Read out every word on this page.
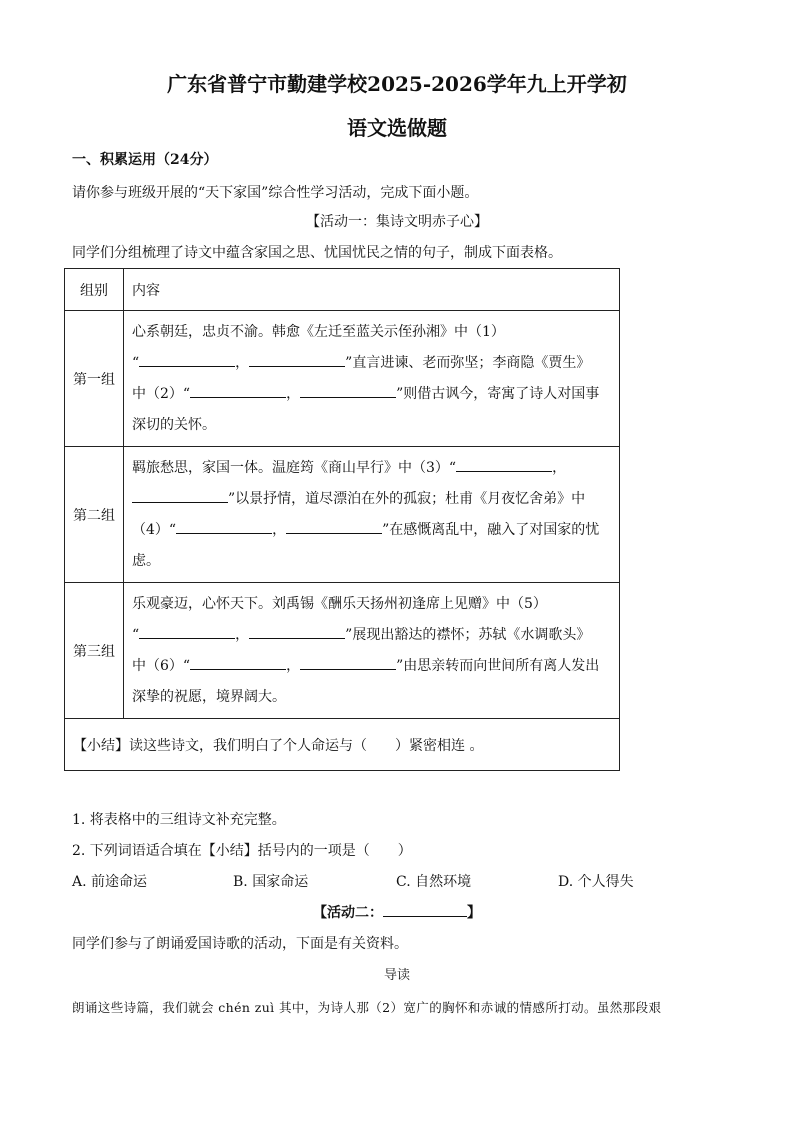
广东省普宁市勤建学校2025-2026学年九上开学初
语文选做题
一、积累运用（24分）
请你参与班级开展的“天下家国”综合性学习活动，完成下面小题。
【活动一：集诗文明赤子心】
同学们分组梳理了诗文中蕴含家国之思、忧国忧民之情的句子，制成下面表格。
组别	内容
第一组	心系朝廷，忠贞不渝。韩愈《左迁至蓝关示侄孙湘》中（1）
“ ， ”直言进谏、老而弥坚；李商隐《贾生》
中（2）“ ， ”则借古讽今，寄寓了诗人对国事
深切的关怀。

第二组	羁旅愁思，家国一体。温庭筠《商山早行》中（3）“ ，
”以景抒情，道尽漂泊在外的孤寂；杜甫《月夜忆舍弟》中
（4）“ ， ”在感慨离乱中，融入了对国家的忧
虑。

第三组	乐观豪迈，心怀天下。刘禹锡《酬乐天扬州初逢席上见赠》中（5）
“ ， ”展现出豁达的襟怀；苏轼《水调歌头》
中（6）“ ， ”由思亲转而向世间所有离人发出
深挚的祝愿，境界阔大。

【小结】读这些诗文，我们明白了个人命运与（ ）紧密相连 。	
1. 将表格中的三组诗文补充完整。
2. 下列词语适合填在【小结】括号内的一项是（　　）
A. 前途命运	B. 国家命运	C. 自然环境	D. 个人得失
【活动二：	】
同学们参与了朗诵爱国诗歌的活动，下面是有关资料。
导读
朗诵这些诗篇，我们就会 chén zuì 其中，为诗人那（2）宽广的胸怀和赤诚的情感所打动。虽然那段艰
